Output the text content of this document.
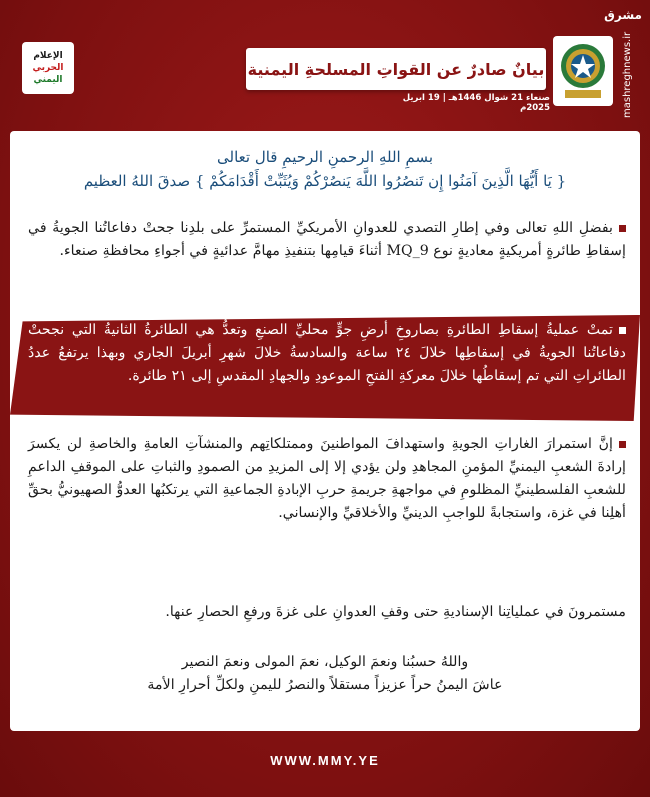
الإعلام
الحربي
اليمني
بيانٌ صادرٌ عن القواتِ المسلحةِ اليمنية
صنعاء 21 شوال 1446هـ | 19 ابريل 2025م
مشرق
mashreghnews.ir
بسمِ اللهِ الرحمنِ الرحيمِ قال تعالى
{ يَا أَيُّهَا الَّذِينَ آمَنُوا إِن تَنصُرُوا اللَّهَ يَنصُرْكُمْ وَيُثَبِّتْ أَقْدَامَكُمْ } صدقَ اللهُ العظيم
بفضلِ اللهِ تعالى وفي إطارِ التصدي للعدوانِ الأمريكيِّ المستمرِّ على بلدِنا جحتْ دفاعاتُنا الجويةُ في إسقاطِ طائرةٍ أمريكيةٍ معاديةٍ نوع MQ_9 أثناءَ قيامِها بتنفيذِ مهامَّ عدائيةٍ في أجواءِ محافظةِ صنعاء.
تمتْ عمليةُ إسقاطِ الطائرةِ بصاروخِ أرضِ جوٍّ محليِّ الصنعِ وتعدُّ هي الطائرةُ الثانيةُ التي نجحتْ دفاعاتُنا الجويةُ في إسقاطِها خلالَ ٢٤ ساعة والسادسةُ خلالَ شهرِ أبريلَ الجاري وبهذا يرتفعُ عددُ الطائراتِ التي تم إسقاطُها خلالَ معركةِ الفتحِ الموعودِ والجهادِ المقدسِ إلى ٢١ طائرة.
إنَّ استمرارَ الغاراتِ الجويةِ واستهدافَ المواطنينَ وممتلكاتِهم والمنشآتِ العامةِ والخاصةِ لن يكسرَ إرادةَ الشعبِ اليمنيِّ المؤمنِ المجاهدِ ولن يؤدي إلا إلى المزيدِ من الصمودِ والثباتِ على الموقفِ الداعمِ للشعبِ الفلسطينيِّ المظلومِ في مواجهةِ جريمةِ حربِ الإبادةِ الجماعيةِ التي يرتكبُها العدوُّ الصهيونيُّ بحقِّ أهلِنا في غزة، واستجابةً للواجبِ الدينيِّ والأخلاقيِّ والإنساني.
مستمرونَ في عملياتِنا الإسناديةِ حتى وقفِ العدوانِ على غزةَ ورفعِ الحصارِ عنها.
واللهُ حسبُنا ونعمَ الوكيل، نعمَ المولى ونعمَ النصير
عاشَ اليمنُ حراً عزيزاً مستقلاً والنصرُ لليمنِ ولكلِّ أحرارِ الأمة
WWW.MMY.YE
